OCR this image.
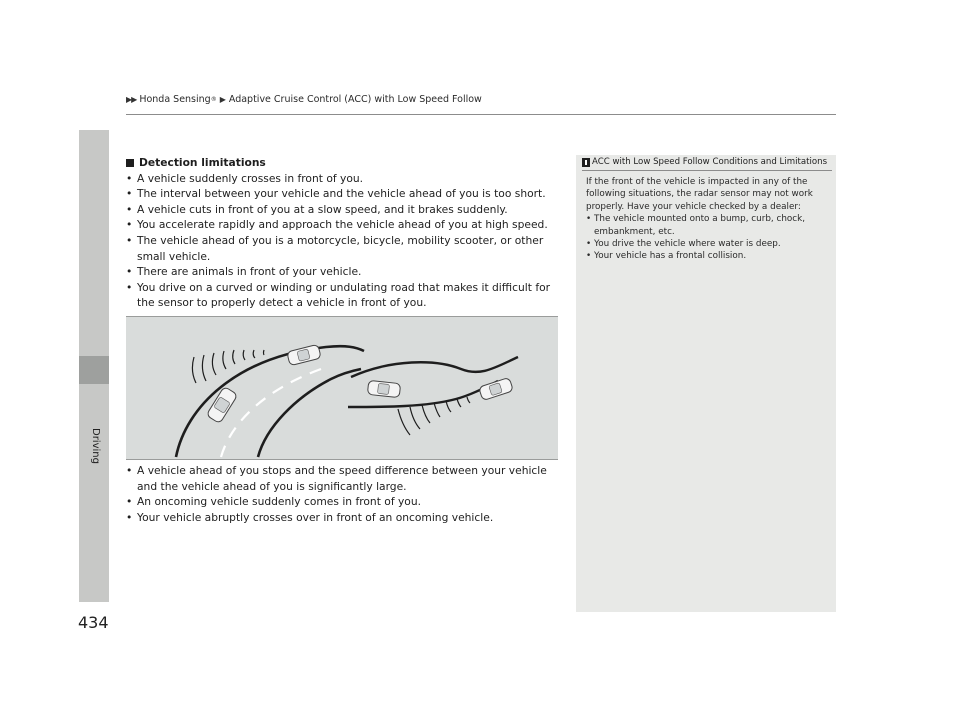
▶▶ Honda Sensing ® ▶ Adaptive Cruise Control (ACC) with Low Speed Follow
Driving
434
Detection limitations
• A vehicle suddenly crosses in front of you.
• The interval between your vehicle and the vehicle ahead of you is too short.
• A vehicle cuts in front of you at a slow speed, and it brakes suddenly.
• You accelerate rapidly and approach the vehicle ahead of you at high speed.
• The vehicle ahead of you is a motorcycle, bicycle, mobility scooter, or other small vehicle.
• There are animals in front of your vehicle.
• You drive on a curved or winding or undulating road that makes it difficult for the sensor to properly detect a vehicle in front of you.
• A vehicle ahead of you stops and the speed difference between your vehicle and the vehicle ahead of you is significantly large.
• An oncoming vehicle suddenly comes in front of you.
• Your vehicle abruptly crosses over in front of an oncoming vehicle.
ACC with Low Speed Follow Conditions and Limitations
If the front of the vehicle is impacted in any of the following situations, the radar sensor may not work properly. Have your vehicle checked by a dealer:
• The vehicle mounted onto a bump, curb, chock, embankment, etc.
• You drive the vehicle where water is deep.
• Your vehicle has a frontal collision.
